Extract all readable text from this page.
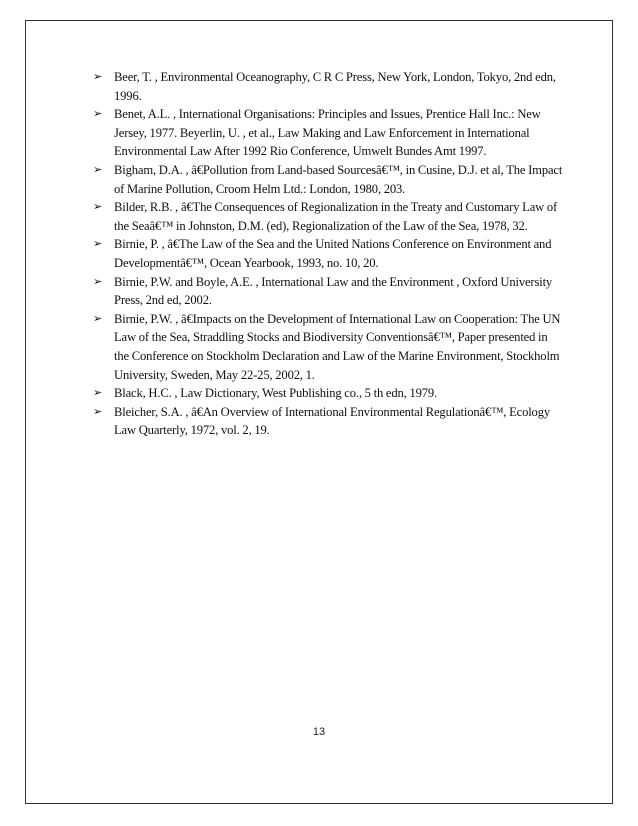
➢ Beer, T. , Environmental Oceanography, C R C Press, New York, London, Tokyo, 2nd edn, 1996.
➢ Benet, A.L. , International Organisations: Principles and Issues, Prentice Hall Inc.: New Jersey, 1977. Beyerlin, U. , et al., Law Making and Law Enforcement in International Environmental Law After 1992 Rio Conference, Umwelt Bundes Amt 1997.
➢ Bigham, D.A. , â€Pollution from Land-based Sourcesâ€™, in Cusine, D.J. et al, The Impact of Marine Pollution, Croom Helm Ltd.: London, 1980, 203.
➢ Bilder, R.B. , â€The Consequences of Regionalization in the Treaty and Customary Law of the Seaâ€™ in Johnston, D.M. (ed), Regionalization of the Law of the Sea, 1978, 32.
➢ Birnie, P. , â€The Law of the Sea and the United Nations Conference on Environment and Developmentâ€™, Ocean Yearbook, 1993, no. 10, 20.
➢ Birnie, P.W. and Boyle, A.E. , International Law and the Environment , Oxford University Press, 2nd ed, 2002.
➢ Birnie, P.W. , â€Impacts on the Development of International Law on Cooperation: The UN Law of the Sea, Straddling Stocks and Biodiversity Conventionsâ€™, Paper presented in the Conference on Stockholm Declaration and Law of the Marine Environment, Stockholm University, Sweden, May 22-25, 2002, 1.
➢ Black, H.C. , Law Dictionary, West Publishing co., 5 th edn, 1979.
➢ Bleicher, S.A. , â€An Overview of International Environmental Regulationâ€™, Ecology Law Quarterly, 1972, vol. 2, 19.
13
